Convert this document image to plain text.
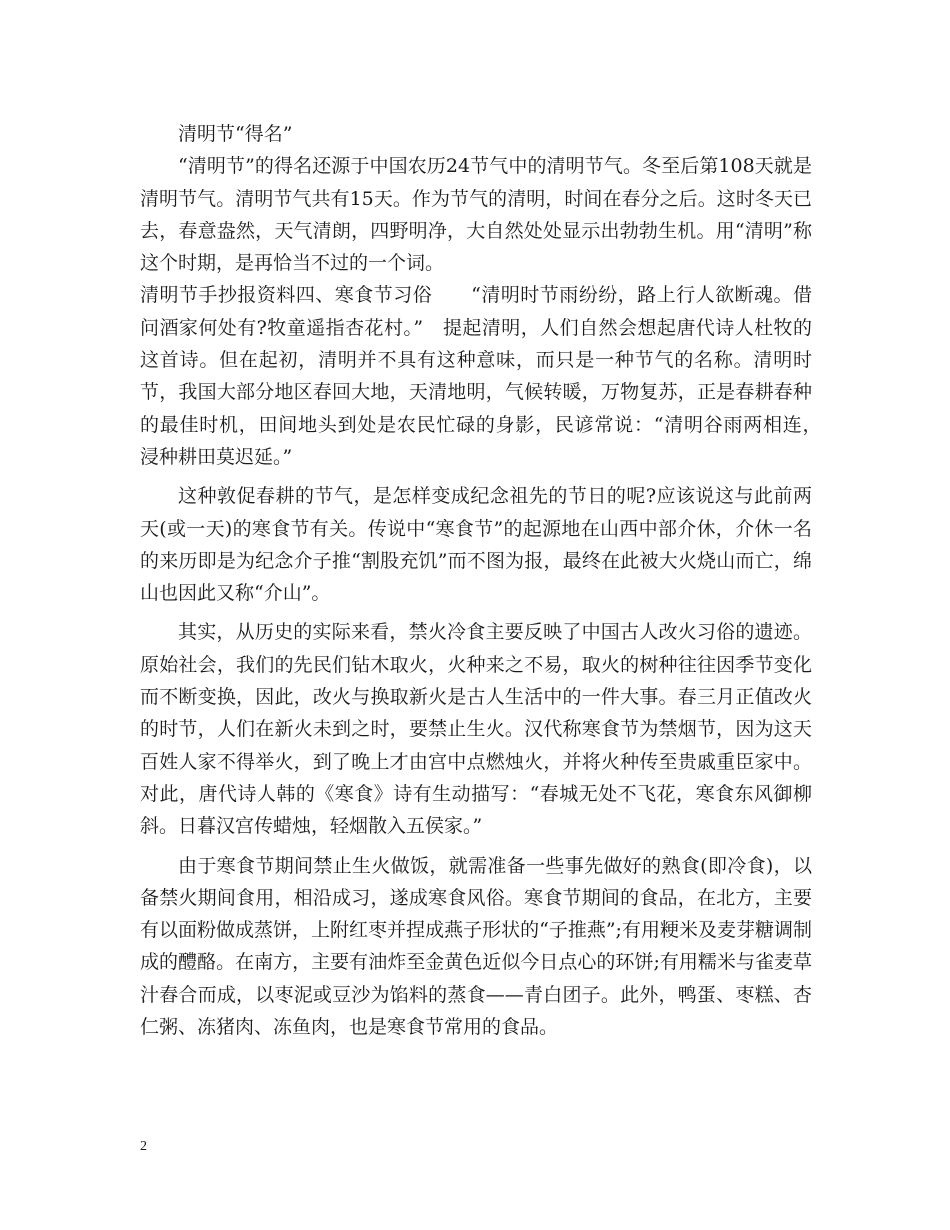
清明节“得名”

“清明节”的得名还源于中国农历24节气中的清明节气。冬至后第108天就是清明节气。清明节气共有15天。作为节气的清明，时间在春分之后。这时冬天已去，春意盎然，天气清朗，四野明净，大自然处处显示出勃勃生机。用“清明”称这个时期，是再恰当不过的一个词。

清明节手抄报资料四、寒食节习俗　　“清明时节雨纷纷，路上行人欲断魂。借问酒家何处有?牧童遥指杏花村。”　提起清明，人们自然会想起唐代诗人杜牧的这首诗。但在起初，清明并不具有这种意味，而只是一种节气的名称。清明时节，我国大部分地区春回大地，天清地明，气候转暖，万物复苏，正是春耕春种的最佳时机，田间地头到处是农民忙碌的身影，民谚常说：“清明谷雨两相连，　浸种耕田莫迟延。”

这种敦促春耕的节气，是怎样变成纪念祖先的节日的呢?应该说这与此前两天(或一天)的寒食节有关。传说中“寒食节”的起源地在山西中部介休，介休一名的来历即是为纪念介子推“割股充饥”而不图为报，最终在此被大火烧山而亡，绵山也因此又称“介山”。

其实，从历史的实际来看，禁火冷食主要反映了中国古人改火习俗的遗迹。原始社会，我们的先民们钻木取火，火种来之不易，取火的树种往往因季节变化而不断变换，因此，改火与换取新火是古人生活中的一件大事。春三月正值改火的时节，人们在新火未到之时，要禁止生火。汉代称寒食节为禁烟节，因为这天百姓人家不得举火，到了晚上才由宫中点燃烛火，并将火种传至贵戚重臣家中。对此，唐代诗人韩的《寒食》诗有生动描写：“春城无处不飞花，寒食东风御柳斜。日暮汉宫传蜡烛，轻烟散入五侯家。”

由于寒食节期间禁止生火做饭，就需准备一些事先做好的熟食(即冷食)，以备禁火期间食用，相沿成习，遂成寒食风俗。寒食节期间的食品，在北方，主要有以面粉做成蒸饼，上附红枣并捏成燕子形状的“子推燕”;有用粳米及麦芽糖调制成的醴酪。在南方，主要有油炸至金黄色近似今日点心的环饼;有用糯米与雀麦草汁舂合而成，以枣泥或豆沙为馅料的蒸食——青白团子。此外，鸭蛋、枣糕、杏仁粥、冻猪肉、冻鱼肉，也是寒食节常用的食品。

2
